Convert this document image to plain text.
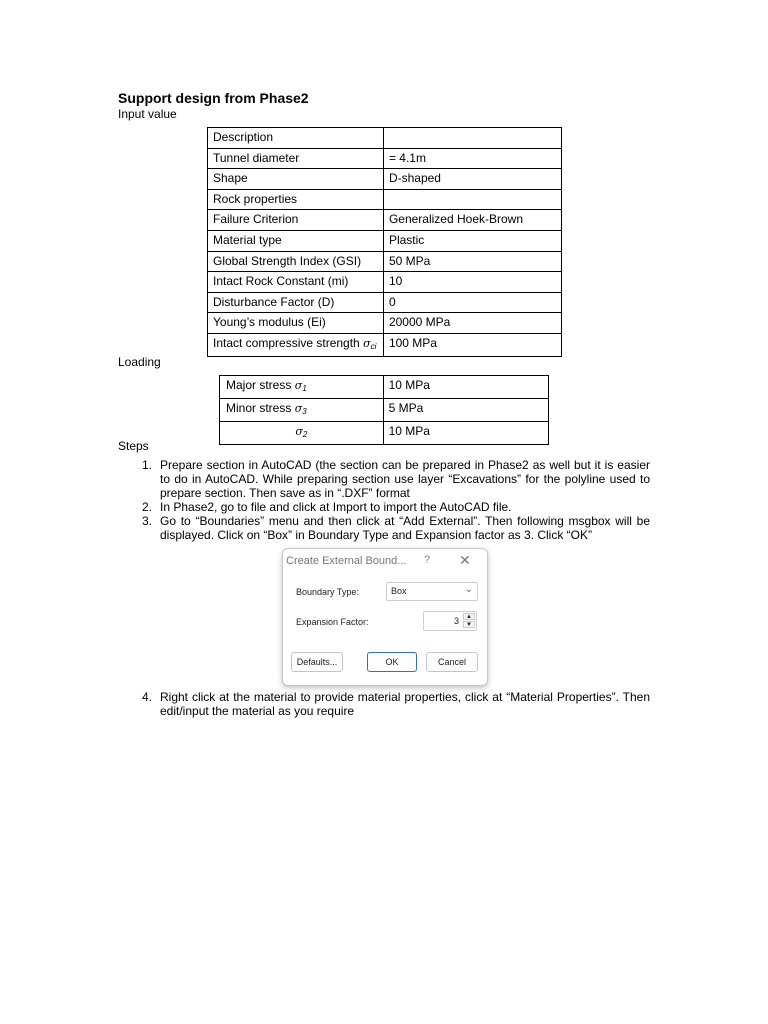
Support design from Phase2
Input value
Description	
Tunnel diameter	= 4.1m
Shape	D-shaped
Rock properties	
Failure Criterion	Generalized Hoek-Brown
Material type	Plastic
Global Strength Index (GSI)	50 MPa
Intact Rock Constant (mi)	10
Disturbance Factor (D)	0
Young’s modulus (Ei)	20000 MPa
Intact compressive strength $\sigma_{ci}$	100 MPa
Loading
Major stress $\sigma_1$	10 MPa
Minor stress $\sigma_3$	5 MPa
$\sigma_2$	10 MPa
Steps
1. Prepare section in AutoCAD (the section can be prepared in Phase2 as well but it is easier to do in AutoCAD. While preparing section use layer “Excavations” for the polyline used to prepare section. Then save as in “.DXF” format
2. In Phase2, go to file and click at Import to import the AutoCAD file.
3. Go to “Boundaries” menu and then click at “Add External”. Then following msgbox will be displayed. Click on “Box” in Boundary Type and Expansion factor as 3. Click “OK”
4. Right click at the material to provide material properties, click at “Material Properties”. Then edit/input the material as you require
Create External Bound... ? ✕
Boundary Type:	Box	⌄
Expansion Factor:	3	▲
▼
Defaults...	OK	Cancel
